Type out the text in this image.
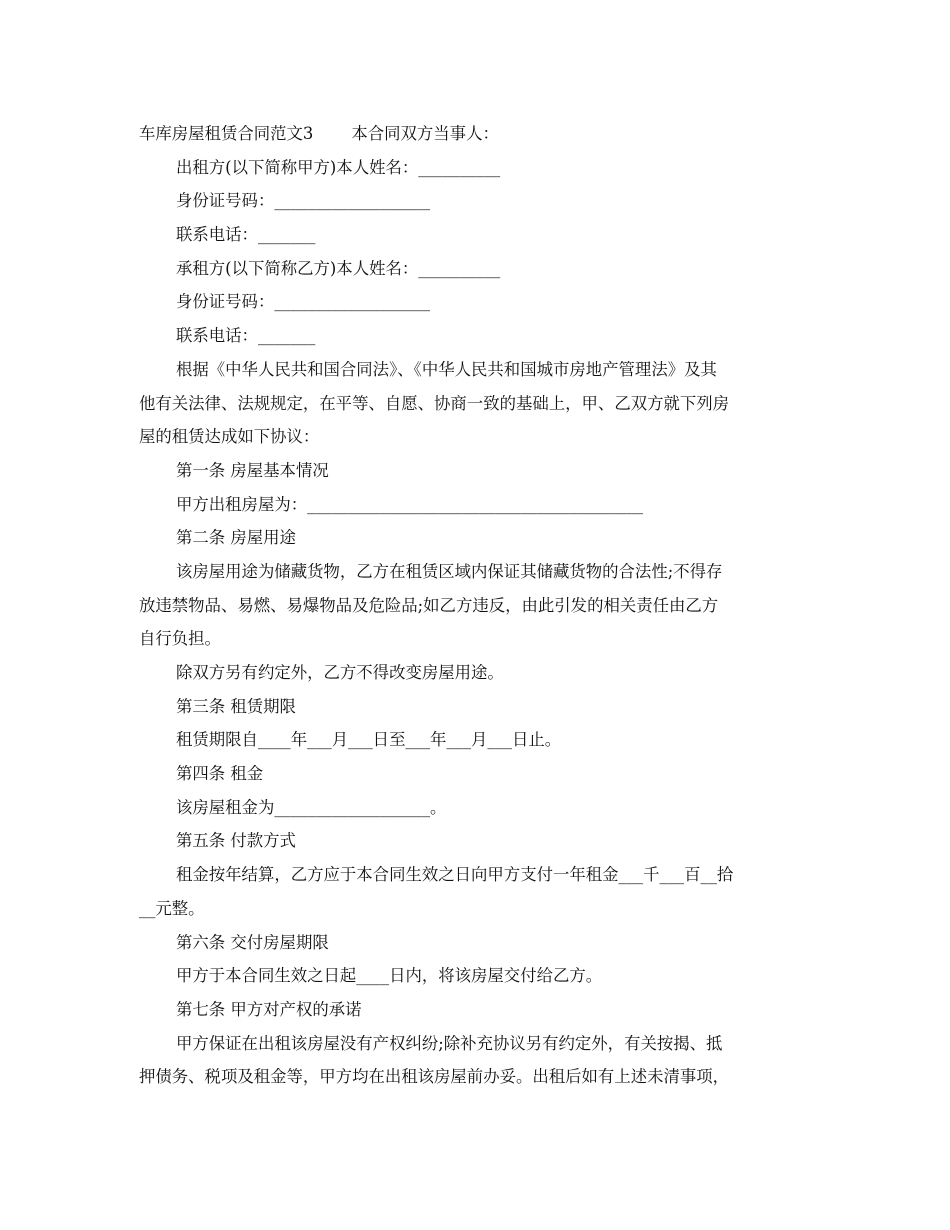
车库房屋租赁合同范文3 本合同双方当事人：
出租方(以下简称甲方)本人姓名：__________
身份证号码：___________________
联系电话：_______
承租方(以下简称乙方)本人姓名：__________
身份证号码：___________________
联系电话：_______
根据《中华人民共和国合同法》、《中华人民共和国城市房地产管理法》及其
他有关法律、法规规定，在平等、自愿、协商一致的基础上，甲、乙双方就下列房
屋的租赁达成如下协议：
第一条 房屋基本情况
甲方出租房屋为：_________________________________________
第二条 房屋用途
该房屋用途为储藏货物，乙方在租赁区域内保证其储藏货物的合法性;不得存
放违禁物品、易燃、易爆物品及危险品;如乙方违反，由此引发的相关责任由乙方
自行负担。
除双方另有约定外，乙方不得改变房屋用途。
第三条 租赁期限
租赁期限自____年___月___日至___年___月___日止。
第四条 租金
该房屋租金为___________________。
第五条 付款方式
租金按年结算，乙方应于本合同生效之日向甲方支付一年租金___千___百__拾
__元整。
第六条 交付房屋期限
甲方于本合同生效之日起____日内，将该房屋交付给乙方。
第七条 甲方对产权的承诺
甲方保证在出租该房屋没有产权纠纷;除补充协议另有约定外，有关按揭、抵
押债务、税项及租金等，甲方均在出租该房屋前办妥。出租后如有上述未清事项，
